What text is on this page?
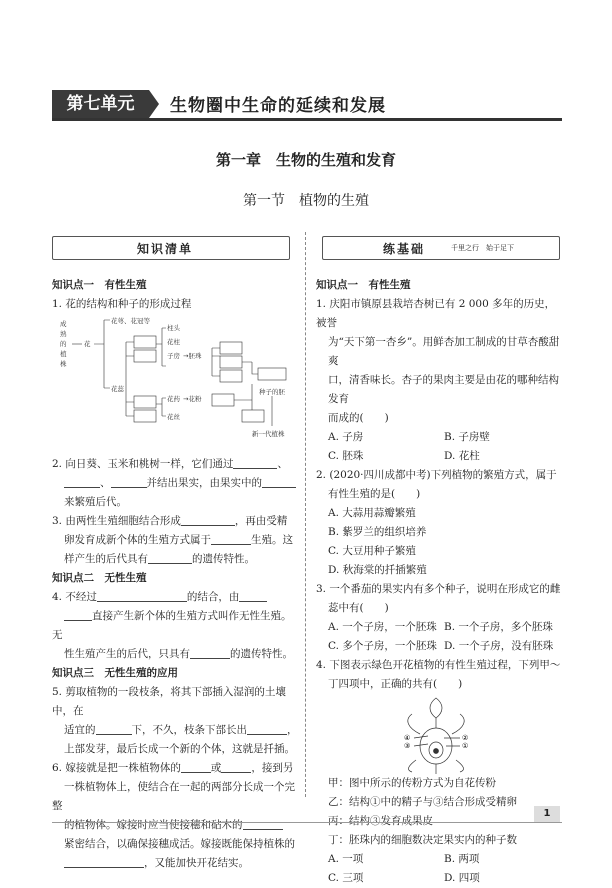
第七单元	生物圈中生命的延续和发展
第一章　生物的生殖和发育
第一节　植物的生殖
知识清单	练基础	千里之行　始于足下
知识点一　有性生殖
1. 花的结构和种子的形成过程
成
熟
的
植
株
花
花萼、花冠等
花蕊
柱头
花柱
子房 →胚珠
花药 →花粉
花丝
种子的胚
新一代植株
2. 向日葵、玉米和桃树一样，它们通过	、
、	并结出果实，由果实中的
来繁殖后代。
3. 由两性生殖细胞结合形成	，再由受精
卵发育成新个体的生殖方式属于	生殖。这
样产生的后代具有	的遗传特性。
知识点二　无性生殖
4. 不经过	的结合，由
直接产生新个体的生殖方式叫作无性生殖。无
性生殖产生的后代，只具有	的遗传特性。
知识点三　无性生殖的应用
5. 剪取植物的一段枝条，将其下部插入湿润的土壤中，在
适宜的	下，不久，枝条下部长出	，
上部发芽，最后长成一个新的个体，这就是扦插。
6. 嫁接就是把一株植物体的	或	，接到另
一株植物体上，使结合在一起的两部分长成一个完整
的植物体。嫁接时应当使接穗和砧木的
紧密结合，以确保接穗成活。嫁接既能保持植株的
，又能加快开花结实。
知识点一　有性生殖
1. 庆阳市镇原县栽培杏树已有 2 000 多年的历史，被誉
为“天下第一杏乡”。用鲜杏加工制成的甘草杏酸甜爽
口，清香味长。杏子的果肉主要是由花的哪种结构发育
而成的(　　)
A. 子房	B. 子房壁
C. 胚珠	D. 花柱
2. (2020·四川成都中考)下列植物的繁殖方式，属于
有性生殖的是(　　)
A. 大蒜用蒜瓣繁殖
B. 紫罗兰的组织培养
C. 大豆用种子繁殖
D. 秋海棠的扦插繁殖
3. 一个番茄的果实内有多个种子，说明在形成它的雌
蕊中有(　　)
A. 一个子房，一个胚珠 B. 一个子房，多个胚珠
C. 多个子房，一个胚珠 D. 一个子房，没有胚珠
4. 下图表示绿色开花植物的有性生殖过程，下列甲～
丁四项中，正确的共有(　　)
④
③
②
①
甲：图中所示的传粉方式为自花传粉
乙：结构①中的精子与③结合形成受精卵
丙：结构③发育成果皮
丁：胚珠内的细胞数决定果实内的种子数
A. 一项	B. 两项
C. 三项	D. 四项
1
